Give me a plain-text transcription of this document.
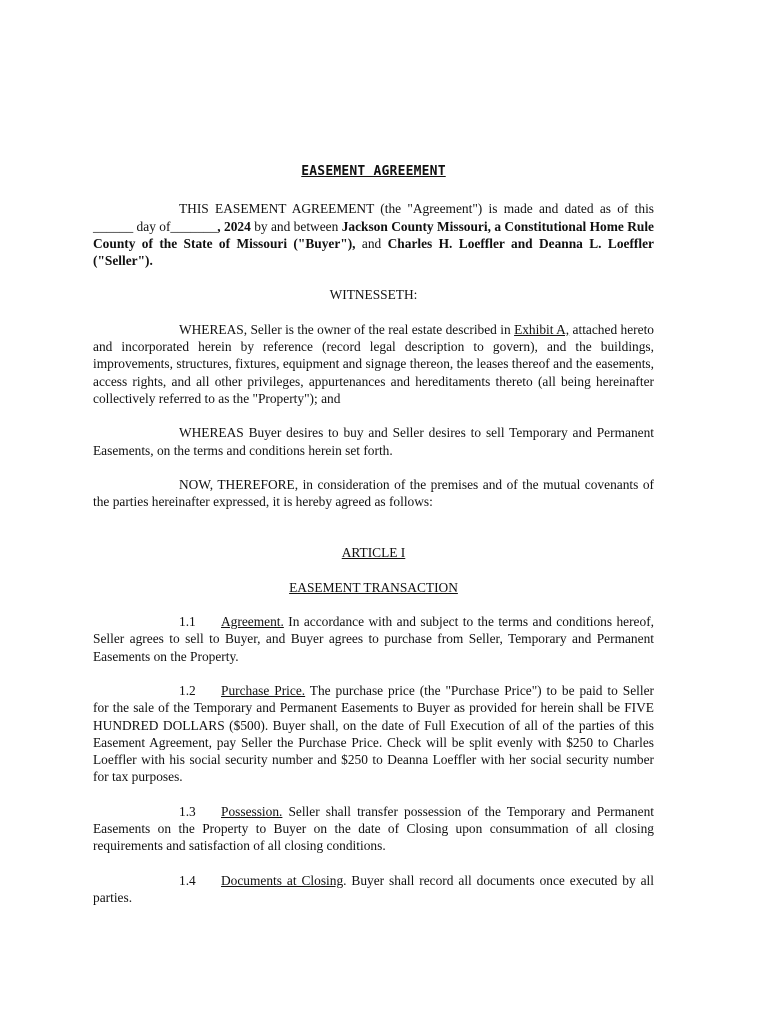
EASEMENT AGREEMENT

THIS EASEMENT AGREEMENT (the "Agreement") is made and dated as of this ______ day of_______, 2024 by and between Jackson County Missouri, a Constitutional Home Rule County of the State of Missouri ("Buyer"), and Charles H. Loeffler and Deanna L. Loeffler ("Seller").

WITNESSETH:

WHEREAS, Seller is the owner of the real estate described in Exhibit A, attached hereto and incorporated herein by reference (record legal description to govern), and the buildings, improvements, structures, fixtures, equipment and signage thereon, the leases thereof and the easements, access rights, and all other privileges, appurtenances and hereditaments thereto (all being hereinafter collectively referred to as the "Property"); and

WHEREAS Buyer desires to buy and Seller desires to sell Temporary and Permanent Easements, on the terms and conditions herein set forth.

NOW, THEREFORE, in consideration of the premises and of the mutual covenants of the parties hereinafter expressed, it is hereby agreed as follows:

ARTICLE I

EASEMENT TRANSACTION

1.1 Agreement. In accordance with and subject to the terms and conditions hereof, Seller agrees to sell to Buyer, and Buyer agrees to purchase from Seller, Temporary and Permanent Easements on the Property.

1.2 Purchase Price. The purchase price (the "Purchase Price") to be paid to Seller for the sale of the Temporary and Permanent Easements to Buyer as provided for herein shall be FIVE HUNDRED DOLLARS ($500). Buyer shall, on the date of Full Execution of all of the parties of this Easement Agreement, pay Seller the Purchase Price. Check will be split evenly with $250 to Charles Loeffler with his social security number and $250 to Deanna Loeffler with her social security number for tax purposes.

1.3 Possession. Seller shall transfer possession of the Temporary and Permanent Easements on the Property to Buyer on the date of Closing upon consummation of all closing requirements and satisfaction of all closing conditions.

1.4 Documents at Closing. Buyer shall record all documents once executed by all parties.
